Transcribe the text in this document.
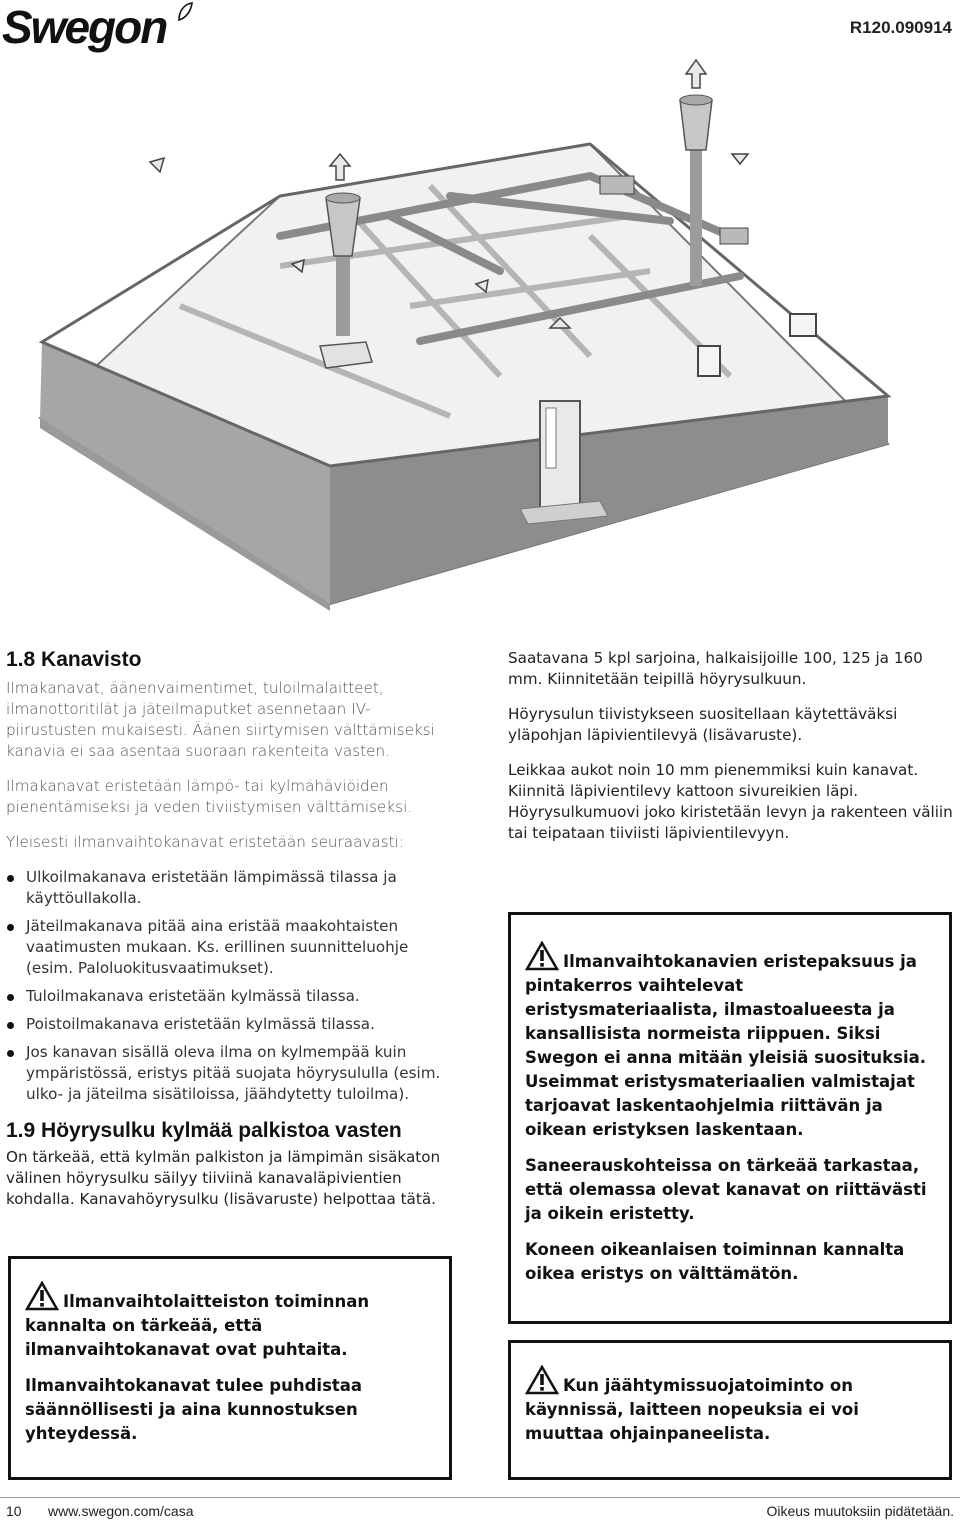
Swegon	R120.090914
1.8 Kanavisto

Ilmakanavat, äänenvaimentimet, tuloilmalaitteet, ilmanottoritilät ja jäteilmaputket asennetaan IV-piirustusten mukaisesti. Äänen siirtymisen välttämiseksi kanavia ei saa asentaa suoraan rakenteita vasten.

Ilmakanavat eristetään lämpö- tai kylmähäviöiden pienentämiseksi ja veden tiviistymisen välttämiseksi.

Yleisesti ilmanvaihtokanavat eristetään seuraavasti:

Ulkoilmakanava eristetään lämpimässä tilassa ja käyttöullakolla.
Jäteilmakanava pitää aina eristää maakohtaisten vaatimusten mukaan. Ks. erillinen suunnitteluohje (esim. Paloluokitusvaatimukset).
Tuloilmakanava eristetään kylmässä tilassa.
Poistoilmakanava eristetään kylmässä tilassa.
Jos kanavan sisällä oleva ilma on kylmempää kuin ympäristössä, eristys pitää suojata höyrysululla (esim. ulko- ja jäteilma sisätiloissa, jäähdytetty tuloilma).
1.9 Höyrysulku kylmää palkistoa vasten

On tärkeää, että kylmän palkiston ja lämpimän sisäkaton välinen höyrysulku säilyy tiiviinä kanavaläpivientien kohdalla. Kanavahöyrysulku (lisävaruste) helpottaa tätä.

Saatavana 5 kpl sarjoina, halkaisijoille 100, 125 ja 160 mm. Kiinnitetään teipillä höyrysulkuun.

Höyrysulun tiivistykseen suositellaan käytettäväksi yläpohjan läpivientilevyä (lisävaruste).

Leikkaa aukot noin 10 mm pienemmiksi kuin kanavat. Kiinnitä läpivientilevy kattoon sivureikien läpi. Höyrysulkumuovi joko kiristetään levyn ja rakenteen väliin tai teipataan tiiviisti läpivientilevyyn.

Ilmanvaihtolaitteiston toiminnan kannalta on tärkeää, että ilmanvaihtokanavat ovat puhtaita.

Ilmanvaihtokanavat tulee puhdistaa säännöllisesti ja aina kunnostuksen yhteydessä.

Ilmanvaihtokanavien eristepaksuus ja pintakerros vaihtelevat eristysmateriaalista, ilmastoalueesta ja kansallisista normeista riippuen. Siksi Swegon ei anna mitään yleisiä suosituksia. Useimmat eristysmateriaalien valmistajat tarjoavat laskentaohjelmia riittävän ja oikean eristyksen laskentaan.

Saneerauskohteissa on tärkeää tarkastaa, että olemassa olevat kanavat on riittävästi ja oikein eristetty.

Koneen oikeanlaisen toiminnan kannalta oikea eristys on välttämätön.

Kun jäähtymissuojatoiminto on käynnissä, laitteen nopeuksia ei voi muuttaa ohjainpaneelista.

10 www.swegon.com/casa	Oikeus muutoksiin pidätetään.
